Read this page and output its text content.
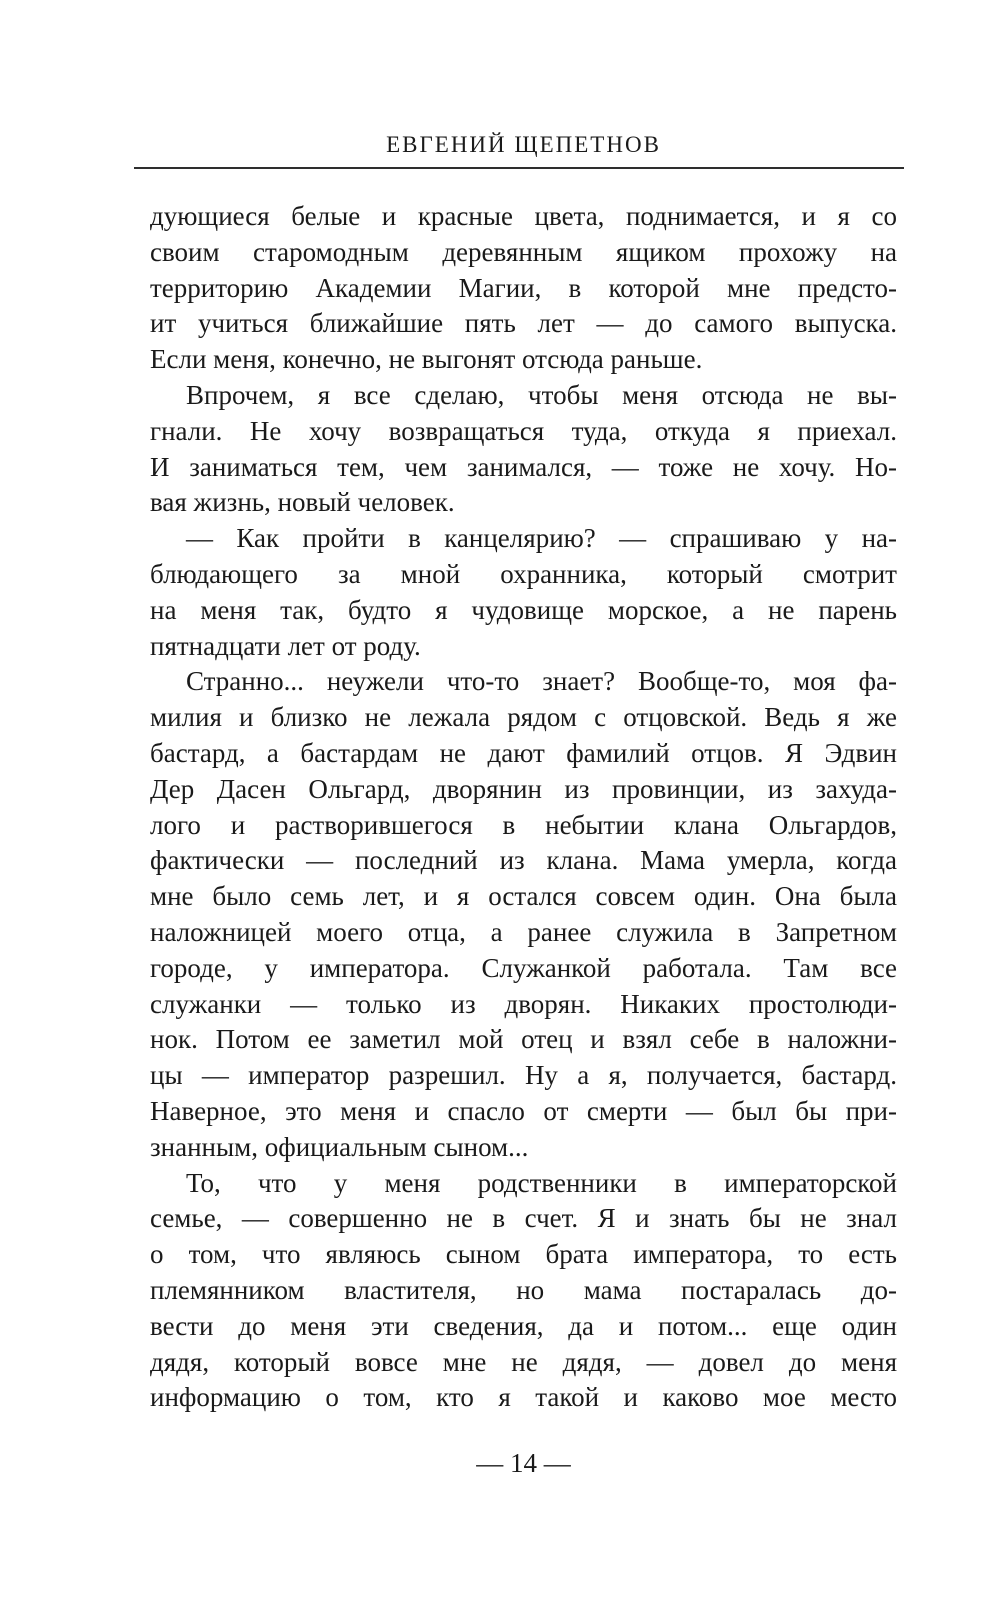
ЕВГЕНИЙ ЩЕПЕТНОВ
дующиеся белые и красные цвета, поднимается, и я со
своим старомодным деревянным ящиком прохожу на
территорию Академии Магии, в которой мне предсто-
ит учиться ближайшие пять лет — до самого выпуска.
Если меня, конечно, не выгонят отсюда раньше.
Впрочем, я все сделаю, чтобы меня отсюда не вы-
гнали. Не хочу возвращаться туда, откуда я приехал.
И заниматься тем, чем занимался, — тоже не хочу. Но-
вая жизнь, новый человек.
— Как пройти в канцелярию? — спрашиваю у на-
блюдающего за мной охранника, который смотрит
на меня так, будто я чудовище морское, а не парень
пятнадцати лет от роду.
Странно... неужели что-то знает? Вообще-то, моя фа-
милия и близко не лежала рядом с отцовской. Ведь я же
бастард, а бастардам не дают фамилий отцов. Я Эдвин
Дер Дасен Ольгард, дворянин из провинции, из захуда-
лого и растворившегося в небытии клана Ольгардов,
фактически — последний из клана. Мама умерла, когда
мне было семь лет, и я остался совсем один. Она была
наложницей моего отца, а ранее служила в Запретном
городе, у императора. Служанкой работала. Там все
служанки — только из дворян. Никаких простолюди-
нок. Потом ее заметил мой отец и взял себе в наложни-
цы — император разрешил. Ну а я, получается, бастард.
Наверное, это меня и спасло от смерти — был бы при-
знанным, официальным сыном...
То, что у меня родственники в императорской
семье, — совершенно не в счет. Я и знать бы не знал
о том, что являюсь сыном брата императора, то есть
племянником властителя, но мама постаралась до-
вести до меня эти сведения, да и потом... еще один
дядя, который вовсе мне не дядя, — довел до меня
информацию о том, кто я такой и каково мое место
— 14 —
